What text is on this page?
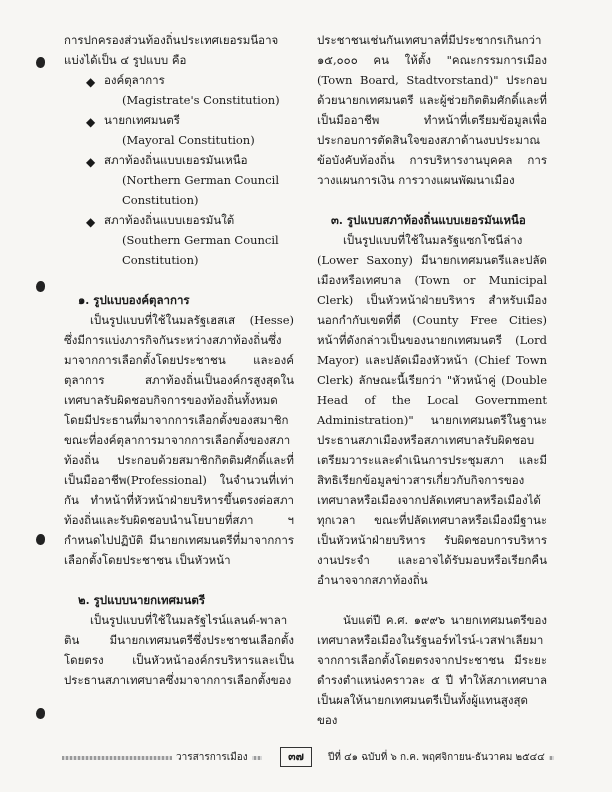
การปกครองส่วนท้องถิ่นประเทศเยอรมนีอาจแบ่งได้เป็น ๔ รูปแบบ คือ

◆ องค์ตุลาการ

(Magistrate's Constitution)

◆ นายกเทศมนตรี

(Mayoral Constitution)

◆ สภาท้องถิ่นแบบเยอรมันเหนือ

(Northern German Council Constitution)

◆ สภาท้องถิ่นแบบเยอรมันใต้

(Southern German Council Constitution)

๑. รูปแบบองค์ตุลาการ

เป็นรูปแบบที่ใช้ในมลรัฐเฮสเส (Hesse) ซึ่งมีการแบ่งภารกิจกันระหว่างสภาท้องถิ่นซึ่งมาจากการเลือกตั้งโดยประชาชน และองค์ตุลาการ สภาท้องถิ่นเป็นองค์กรสูงสุดในเทศบาลรับผิดชอบกิจการของท้องถิ่นทั้งหมด โดยมีประธานที่มาจากการเลือกตั้งของสมาชิก ขณะที่องค์ตุลาการมาจากการเลือกตั้งของสภาท้องถิ่น ประกอบด้วยสมาชิกกิตติมศักดิ์และที่เป็นมืออาชีพ(Professional) ในจำนวนที่เท่ากัน ทำหน้าที่หัวหน้าฝ่ายบริหารขึ้นตรงต่อสภาท้องถิ่นและรับผิดชอบนำนโยบายที่สภา ฯกำหนดไปปฏิบัติ มีนายกเทศมนตรีที่มาจากการเลือกตั้งโดยประชาชน เป็นหัวหน้า

๒. รูปแบบนายกเทศมนตรี

เป็นรูปแบบที่ใช้ในมลรัฐไรน์แลนด์-พาลาติน มีนายกเทศมนตรีซึ่งประชาชนเลือกตั้งโดยตรง เป็นหัวหน้าองค์กรบริหารและเป็นประธานสภาเทศบาลซึ่งมาจากการเลือกตั้งของ

ประชาชนเช่นกันเทศบาลที่มีประชากรเกินกว่า ๑๕,๐๐๐ คน ให้ตั้ง "คณะกรรมการเมือง (Town Board, Stadtvorstand)" ประกอบด้วยนายกเทศมนตรี และผู้ช่วยกิตติมศักดิ์และที่เป็นมืออาชีพ ทำหน้าที่เตรียมข้อมูลเพื่อประกอบการตัดสินใจของสภาด้านงบประมาณ ข้อบังคับท้องถิ่น การบริหารงานบุคคล การวางแผนการเงิน การวางแผนพัฒนาเมือง

๓. รูปแบบสภาท้องถิ่นแบบเยอรมันเหนือ

เป็นรูปแบบที่ใช้ในมลรัฐแซกโซนีล่าง (Lower Saxony) มีนายกเทศมนตรีและปลัดเมืองหรือเทศบาล (Town or Municipal Clerk) เป็นหัวหน้าฝ่ายบริหาร สำหรับเมืองนอกกำกับเขตที่ดี (County Free Cities) หน้าที่ดังกล่าวเป็นของนายกเทศมนตรี (Lord Mayor) และปลัดเมืองหัวหน้า (Chief Town Clerk) ลักษณะนี้เรียกว่า "หัวหน้าคู่ (Double Head of the Local Government Administration)" นายกเทศมนตรีในฐานะประธานสภาเมืองหรือสภาเทศบาลรับผิดชอบเตรียมวาระและดำเนินการประชุมสภา และมีสิทธิเรียกข้อมูลข่าวสารเกี่ยวกับกิจการของเทศบาลหรือเมืองจากปลัดเทศบาลหรือเมืองได้ทุกเวลา ขณะที่ปลัดเทศบาลหรือเมืองมีฐานะเป็นหัวหน้าฝ่ายบริหาร รับผิดชอบการบริหารงานประจำ และอาจได้รับมอบหรือเรียกคืนอำนาจจากสภาท้องถิ่น

นับแต่ปี ค.ศ. ๑๙๙๖ นายกเทศมนตรีของเทศบาลหรือเมืองในรัฐนอร์ทไรน์-เวสฟาเลียมาจากการเลือกตั้งโดยตรงจากประชาชน มีระยะดำรงตำแหน่งคราวละ ๕ ปี ทำให้สภาเทศบาล เป็นผลให้นายกเทศมนตรีเป็นทั้งผู้แทนสูงสุดของ

วารสารการเมือง	๓๗	ปีที่ ๔๑ ฉบับที่ ๖ ก.ค. พฤศจิกายน-ธันวาคม ๒๕๔๔
